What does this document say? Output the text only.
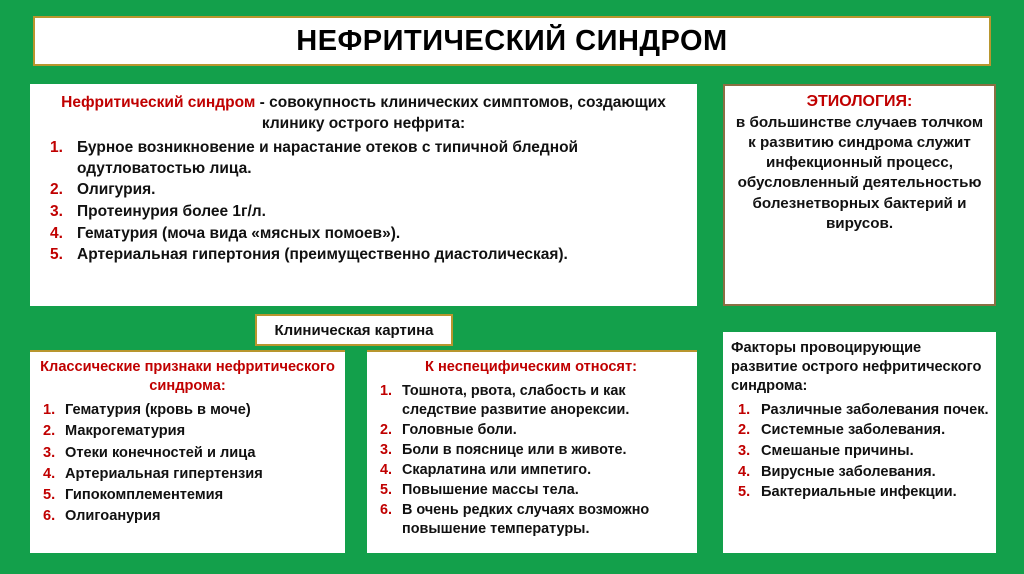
НЕФРИТИЧЕСКИЙ СИНДРОМ
Нефритический синдром - совокупность клинических симптомов, создающих клинику острого нефрита:
1. Бурное возникновение и нарастание отеков с типичной бледной одутловатостью лица.
2. Олигурия.
3. Протеинурия более 1г/л.
4. Гематурия (моча вида «мясных помоев»).
5. Артериальная гипертония (преимущественно диастолическая).
ЭТИОЛОГИЯ:
в большинстве случаев толчком к развитию синдрома служит инфекционный процесс, обусловленный деятельностью болезнетворных бактерий и вирусов.
Клиническая картина
Классические признаки нефритического синдрома:
1. Гематурия (кровь в моче)
2. Макрогематурия
3. Отеки конечностей и лица
4. Артериальная гипертензия
5. Гипокомплементемия
6. Олигоанурия
К неспецифическим относят:
1. Тошнота, рвота, слабость и как следствие развитие анорексии.
2. Головные боли.
3. Боли в пояснице или в животе.
4. Скарлатина или импетиго.
5. Повышение массы тела.
6. В очень редких случаях возможно повышение температуры.
Факторы провоцирующие развитие острого нефритического синдрома:
1. Различные заболевания почек.
2. Системные заболевания.
3. Смешаные причины.
4. Вирусные заболевания.
5. Бактериальные инфекции.
